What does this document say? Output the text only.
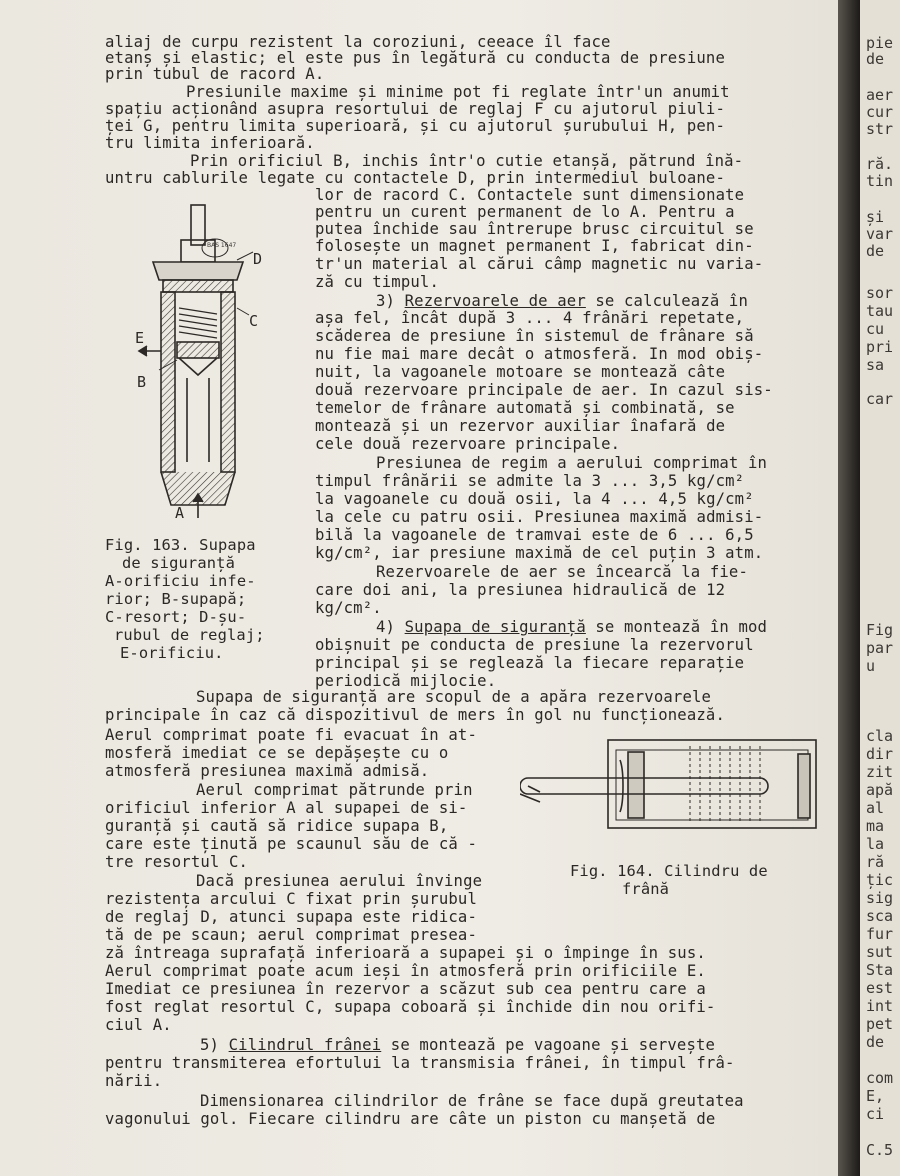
aliaj de curpu rezistent la coroziuni, ceeace îl face
etanș și elastic; el este pus în legătură cu conducta de presiune
prin tubul de racord A.
Presiunile maxime și minime pot fi reglate într'un anumit
spațiu acționând asupra resortului de reglaj F cu ajutorul piuli-
ței G, pentru limita superioară, și cu ajutorul șurubului H, pen-
tru limita inferioară.
Prin orificiul B, inchis într'o cutie etanșă, pătrund înă-
untru cablurile legate cu contactele D, prin intermediul buloane-
lor de racord C. Contactele sunt dimensionate
pentru un curent permanent de lo A. Pentru a
putea închide sau întrerupe brusc circuitul se
folosește un magnet permanent I, fabricat din-
tr'un material al cărui câmp magnetic nu varia-
ză cu timpul.
3) Rezervoarele de aer se calculează în
așa fel, încât după 3 ... 4 frânări repetate,
scăderea de presiune în sistemul de frânare să
nu fie mai mare decât o atmosferă. In mod obiș-
nuit, la vagoanele motoare se montează câte
două rezervoare principale de aer. In cazul sis-
temelor de frânare automată și combinată, se
montează și un rezervor auxiliar înafară de
cele două rezervoare principale.
Presiunea de regim a aerului comprimat în
timpul frânării se admite la 3 ... 3,5 kg/cm²
la vagoanele cu două osii, la 4 ... 4,5 kg/cm²
la cele cu patru osii. Presiunea maximă admisi-
bilă la vagoanele de tramvai este de 6 ... 6,5
kg/cm², iar presiune maximă de cel puțin 3 atm.
Rezervoarele de aer se încearcă la fie-
care doi ani, la presiunea hidraulică de 12
kg/cm².
4) Supapa de siguranță se montează în mod
obișnuit pe conducta de presiune la rezervorul
principal și se reglează la fiecare reparație
periodică mijlocie.
Supapa de siguranță are scopul de a apăra rezervoarele
principale în caz că dispozitivul de mers în gol nu funcționează.
Aerul comprimat poate fi evacuat în at-
mosferă imediat ce se depășește cu o
atmosferă presiunea maximă admisă.
Aerul comprimat pătrunde prin
orificiul inferior A al supapei de si-
guranță și caută să ridice supapa B,
care este ținută pe scaunul său de că -
tre resortul C.
Dacă presiunea aerului învinge
rezistența arcului C fixat prin șurubul
de reglaj D, atunci supapa este ridica-
tă de pe scaun; aerul comprimat presea-
ză întreaga suprafață inferioară a supapei și o împinge în sus.
Aerul comprimat poate acum ieși în atmosferă prin orificiile E.
Imediat ce presiunea în rezervor a scăzut sub cea pentru care a
fost reglat resortul C, supapa coboară și închide din nou orifi-
ciul A.
5) Cilindrul frânei se montează pe vagoane și servește
pentru transmiterea efortului la transmisia frânei, în timpul frâ-
nării.
Dimensionarea cilindrilor de frâne se face după greutatea
vagonului gol. Fiecare cilindru are câte un piston cu manșetă de
BAS 1647
D
C
E
B
A
Fig. 163. Supapa
de siguranță
A-orificiu infe-
rior; B-supapă;
C-resort; D-șu-
rubul de reglaj;
E-orificiu.
Fig. 164. Cilindru de
frână
pie
de
aer
cur
str
ră.
tin
și
var
de
sor
tau
cu
pri
sa
car
Fig
par
u
cla
dir
zit
apă
al
ma
la
ră
țic
sig
sca
fur
sut
Sta
est
int
pet
de
com
E,
ci
C.5
